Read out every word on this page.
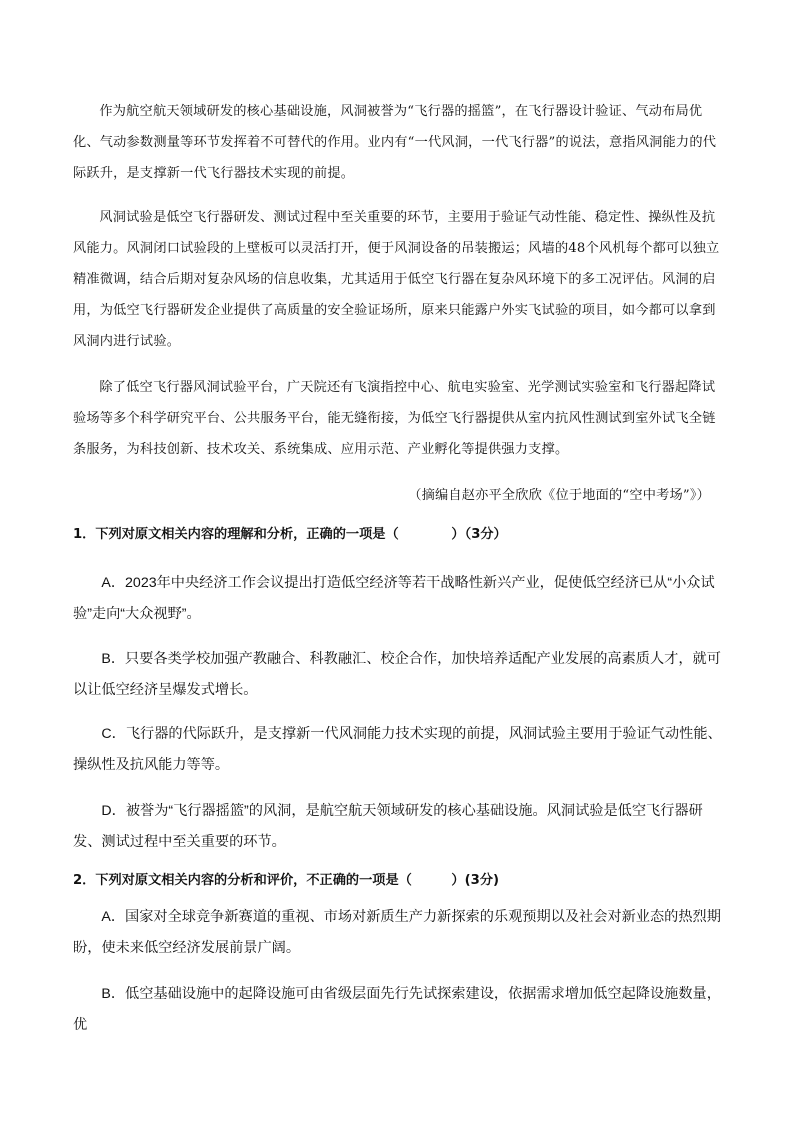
作为航空航天领域研发的核心基础设施，风洞被誉为“飞行器的摇篮”，在飞行器设计验证、气动布局优化、气动参数测量等环节发挥着不可替代的作用。业内有“一代风洞，一代飞行器”的说法，意指风洞能力的代际跃升，是支撑新一代飞行器技术实现的前提。

风洞试验是低空飞行器研发、测试过程中至关重要的环节，主要用于验证气动性能、稳定性、操纵性及抗风能力。风洞闭口试验段的上壁板可以灵活打开，便于风洞设备的吊装搬运；风墙的48个风机每个都可以独立精准微调，结合后期对复杂风场的信息收集，尤其适用于低空飞行器在复杂风环境下的多工况评估。风洞的启用，为低空飞行器研发企业提供了高质量的安全验证场所，原来只能露户外实飞试验的项目，如今都可以拿到风洞内进行试验。

除了低空飞行器风洞试验平台，广天院还有飞演指控中心、航电实验室、光学测试实验室和飞行器起降试验场等多个科学研究平台、公共服务平台，能无缝衔接，为低空飞行器提供从室内抗风性测试到室外试飞全链条服务，为科技创新、技术攻关、系统集成、应用示范、产业孵化等提供强力支撑。

（摘编自赵亦平全欣欣《位于地面的“空中考场”》）

1．下列对原文相关内容的理解和分析，正确的一项是（　　　　）（3分）

A．2023年中央经济工作会议提出打造低空经济等若干战略性新兴产业，促使低空经济已从“小众试验”走向“大众视野”。

B．只要各类学校加强产教融合、科教融汇、校企合作，加快培养适配产业发展的高素质人才，就可以让低空经济呈爆发式增长。

C．飞行器的代际跃升，是支撑新一代风洞能力技术实现的前提，风洞试验主要用于验证气动性能、操纵性及抗风能力等等。

D．被誉为“飞行器摇篮”的风洞，是航空航天领域研发的核心基础设施。风洞试验是低空飞行器研发、测试过程中至关重要的环节。

2．下列对原文相关内容的分析和评价，不正确的一项是（　　　）(3分)

A．国家对全球竞争新赛道的重视、市场对新质生产力新探索的乐观预期以及社会对新业态的热烈期盼，使未来低空经济发展前景广阔。

B．低空基础设施中的起降设施可由省级层面先行先试探索建设，依据需求增加低空起降设施数量，优
